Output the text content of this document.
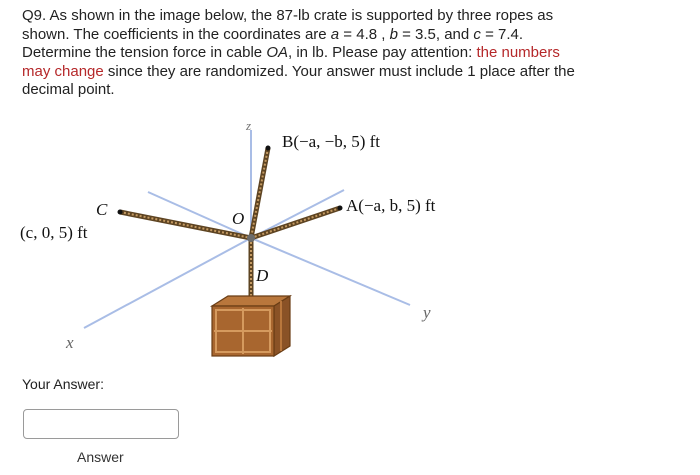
Q9. As shown in the image below, the 87-lb crate is supported by three ropes as shown. The coefficients in the coordinates are a = 4.8 , b = 3.5, and c = 7.4. Determine the tension force in cable OA, in lb. Please pay attention: the numbers may change since they are randomized. Your answer must include 1 place after the decimal point.
z
B(−a, −b, 5) ft
A(−a, b, 5) ft
C
(c, 0, 5) ft
O
D
y
x
Your Answer:
Answer
